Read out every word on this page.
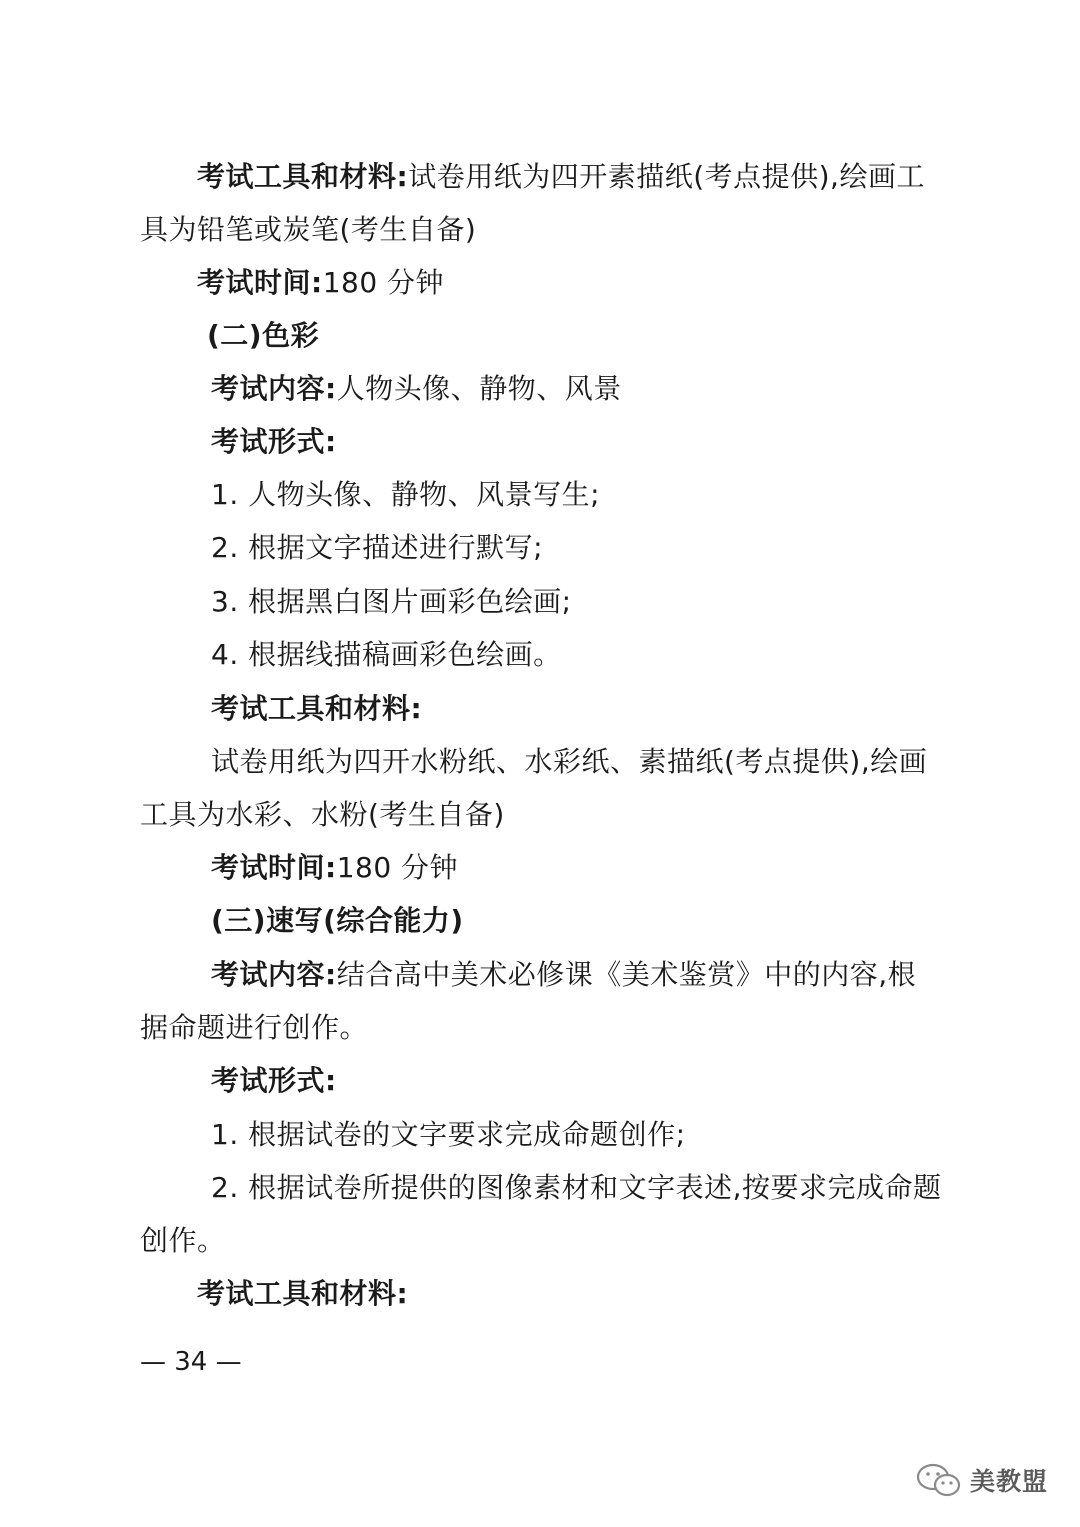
考试工具和材料:试卷用纸为四开素描纸(考点提供),绘画工
具为铅笔或炭笔(考生自备)
考试时间:180 分钟
(二)色彩
考试内容:人物头像、静物、风景
考试形式:
1. 人物头像、静物、风景写生;
2. 根据文字描述进行默写;
3. 根据黑白图片画彩色绘画;
4. 根据线描稿画彩色绘画。
考试工具和材料:
试卷用纸为四开水粉纸、水彩纸、素描纸(考点提供),绘画
工具为水彩、水粉(考生自备)
考试时间:180 分钟
(三)速写(综合能力)
考试内容:结合高中美术必修课《美术鉴赏》中的内容,根
据命题进行创作。
考试形式:
1. 根据试卷的文字要求完成命题创作;
2. 根据试卷所提供的图像素材和文字表述,按要求完成命题
创作。
考试工具和材料:
— 34 —
美教盟
